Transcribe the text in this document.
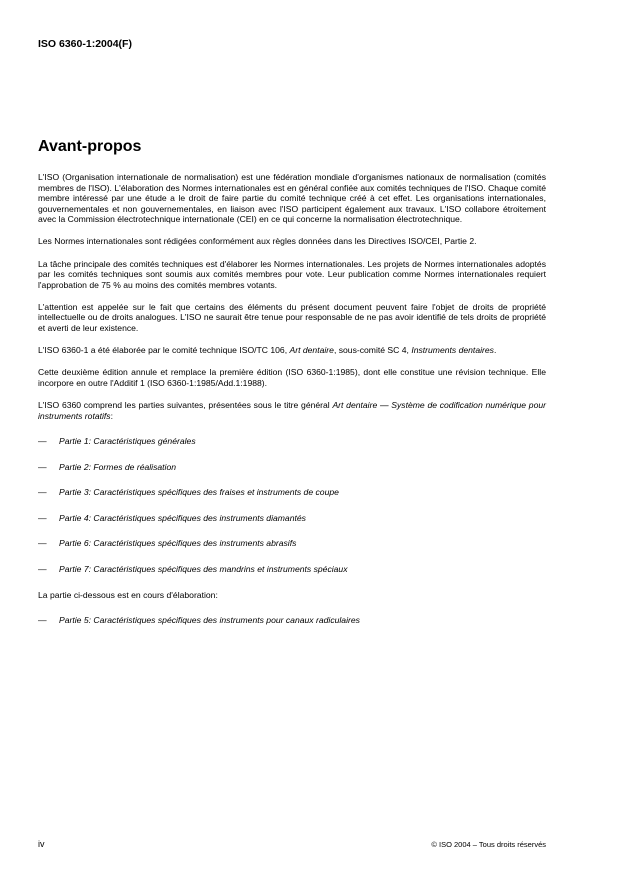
ISO 6360-1:2004(F)
Avant-propos

L'ISO (Organisation internationale de normalisation) est une fédération mondiale d'organismes nationaux de normalisation (comités membres de l'ISO). L'élaboration des Normes internationales est en général confiée aux comités techniques de l'ISO. Chaque comité membre intéressé par une étude a le droit de faire partie du comité technique créé à cet effet. Les organisations internationales, gouvernementales et non gouvernementales, en liaison avec l'ISO participent également aux travaux. L'ISO collabore étroitement avec la Commission électrotechnique internationale (CEI) en ce qui concerne la normalisation électrotechnique.

Les Normes internationales sont rédigées conformément aux règles données dans les Directives ISO/CEI, Partie 2.

La tâche principale des comités techniques est d'élaborer les Normes internationales. Les projets de Normes internationales adoptés par les comités techniques sont soumis aux comités membres pour vote. Leur publication comme Normes internationales requiert l'approbation de 75 % au moins des comités membres votants.

L'attention est appelée sur le fait que certains des éléments du présent document peuvent faire l'objet de droits de propriété intellectuelle ou de droits analogues. L'ISO ne saurait être tenue pour responsable de ne pas avoir identifié de tels droits de propriété et averti de leur existence.

L'ISO 6360-1 a été élaborée par le comité technique ISO/TC 106, Art dentaire, sous-comité SC 4, Instruments dentaires.

Cette deuxième édition annule et remplace la première édition (ISO 6360-1:1985), dont elle constitue une révision technique. Elle incorpore en outre l'Additif 1 (ISO 6360-1:1985/Add.1:1988).

L'ISO 6360 comprend les parties suivantes, présentées sous le titre général Art dentaire — Système de codification numérique pour instruments rotatifs:

—	Partie 1: Caractéristiques générales
—	Partie 2: Formes de réalisation
—	Partie 3: Caractéristiques spécifiques des fraises et instruments de coupe
—	Partie 4: Caractéristiques spécifiques des instruments diamantés
—	Partie 6: Caractéristiques spécifiques des instruments abrasifs
—	Partie 7: Caractéristiques spécifiques des mandrins et instruments spéciaux

La partie ci-dessous est en cours d'élaboration:

—	Partie 5: Caractéristiques spécifiques des instruments pour canaux radiculaires
iv	© ISO 2004 – Tous droits réservés
